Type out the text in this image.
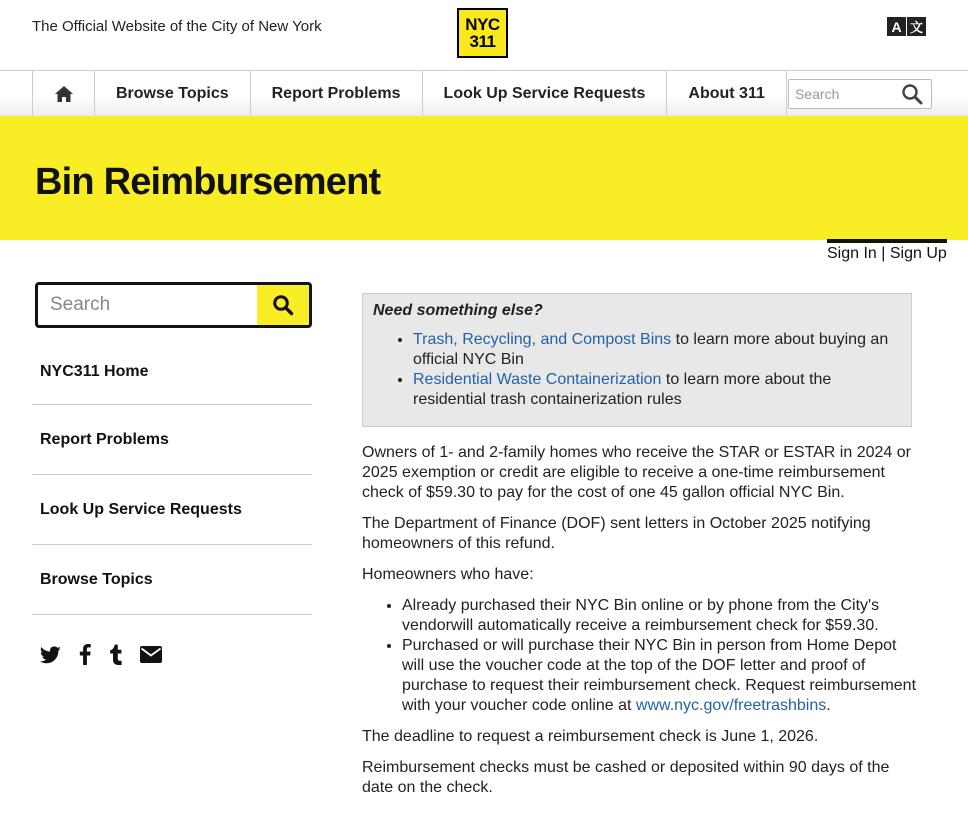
The Official Website of the City of New York	NYC
311
A 文
Browse Topics	Report Problems	Look Up Service Requests	About 311
Search
Bin Reimbursement
Sign In | Sign Up
Search
NYC311 Home
Report Problems
Look Up Service Requests
Browse Topics
Need something else?
• Trash, Recycling, and Compost Bins to learn more about buying an official NYC Bin
• Residential Waste Containerization to learn more about the residential trash containerization rules

Owners of 1- and 2-family homes who receive the STAR or ESTAR in 2024 or 2025 exemption or credit are eligible to receive a one-time reimbursement check of $59.30 to pay for the cost of one 45 gallon official NYC Bin.

The Department of Finance (DOF) sent letters in October 2025 notifying homeowners of this refund.

Homeowners who have:

• Already purchased their NYC Bin online or by phone from the City's vendorwill automatically receive a reimbursement check for $59.30.
• Purchased or will purchase their NYC Bin in person from Home Depot will use the voucher code at the top of the DOF letter and proof of purchase to request their reimbursement check. Request reimbursement with your voucher code online at www.nyc.gov/freetrashbins.

The deadline to request a reimbursement check is June 1, 2026.

Reimbursement checks must be cashed or deposited within 90 days of the date on the check.
